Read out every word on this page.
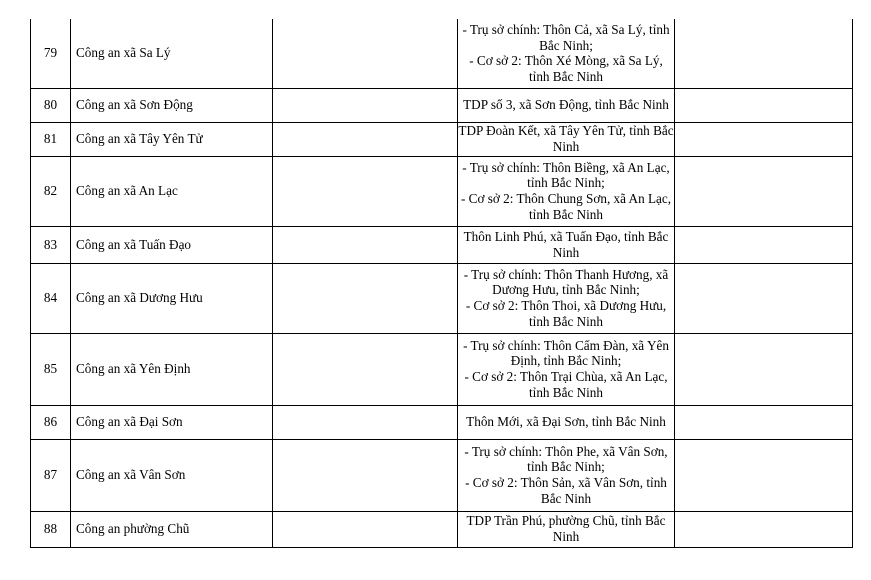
79	Công an xã Sa Lý		- Trụ sở chính: Thôn Cả, xã Sa Lý, tỉnh Bắc Ninh;
- Cơ sở 2: Thôn Xé Mòng, xã Sa Lý, tỉnh Bắc Ninh	

80	Công an xã Sơn Động		TDP số 3, xã Sơn Động, tỉnh Bắc Ninh	
81	Công an xã Tây Yên Tử		TDP Đoàn Kết, xã Tây Yên Tử, tỉnh Bắc Ninh	
82	Công an xã An Lạc		- Trụ sở chính: Thôn Biềng, xã An Lạc, tỉnh Bắc Ninh;
- Cơ sở 2: Thôn Chung Sơn, xã An Lạc, tỉnh Bắc Ninh	

83	Công an xã Tuấn Đạo		Thôn Linh Phú, xã Tuấn Đạo, tỉnh Bắc Ninh	
84	Công an xã Dương Hưu		- Trụ sở chính: Thôn Thanh Hương, xã Dương Hưu, tỉnh Bắc Ninh;
- Cơ sở 2: Thôn Thoi, xã Dương Hưu, tỉnh Bắc Ninh	

85	Công an xã Yên Định		- Trụ sở chính: Thôn Cẩm Đàn, xã Yên Định, tỉnh Bắc Ninh;
- Cơ sở 2: Thôn Trại Chùa, xã An Lạc, tỉnh Bắc Ninh	

86	Công an xã Đại Sơn		Thôn Mới, xã Đại Sơn, tỉnh Bắc Ninh	
87	Công an xã Vân Sơn		- Trụ sở chính: Thôn Phe, xã Vân Sơn, tỉnh Bắc Ninh;
- Cơ sở 2: Thôn Sản, xã Vân Sơn, tỉnh Bắc Ninh	

88	Công an phường Chũ		TDP Trần Phú, phường Chũ, tỉnh Bắc Ninh	
